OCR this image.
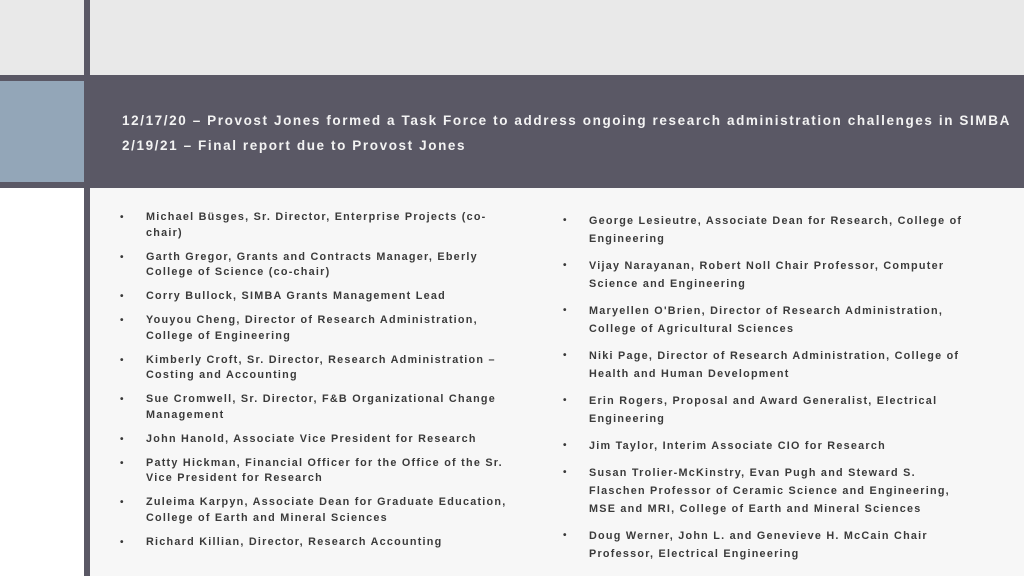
12/17/20 – Provost Jones formed a Task Force to address ongoing research administration challenges in SIMBA
2/19/21 – Final report due to Provost Jones
• Michael Büsges, Sr. Director, Enterprise Projects (co-chair)
• Garth Gregor, Grants and Contracts Manager, Eberly College of Science (co-chair)
• Corry Bullock, SIMBA Grants Management Lead
• Youyou Cheng, Director of Research Administration, College of Engineering
• Kimberly Croft, Sr. Director, Research Administration – Costing and Accounting
• Sue Cromwell, Sr. Director, F&B Organizational Change Management
• John Hanold, Associate Vice President for Research
• Patty Hickman, Financial Officer for the Office of the Sr. Vice President for Research
• Zuleima Karpyn, Associate Dean for Graduate Education, College of Earth and Mineral Sciences
• Richard Killian, Director, Research Accounting
• George Lesieutre, Associate Dean for Research, College of Engineering
• Vijay Narayanan, Robert Noll Chair Professor, Computer Science and Engineering
• Maryellen O'Brien, Director of Research Administration, College of Agricultural Sciences
• Niki Page, Director of Research Administration, College of Health and Human Development
• Erin Rogers, Proposal and Award Generalist, Electrical Engineering
• Jim Taylor, Interim Associate CIO for Research
• Susan Trolier-McKinstry, Evan Pugh and Steward S. Flaschen Professor of Ceramic Science and Engineering, MSE and MRI, College of Earth and Mineral Sciences
• Doug Werner, John L. and Genevieve H. McCain Chair Professor, Electrical Engineering
